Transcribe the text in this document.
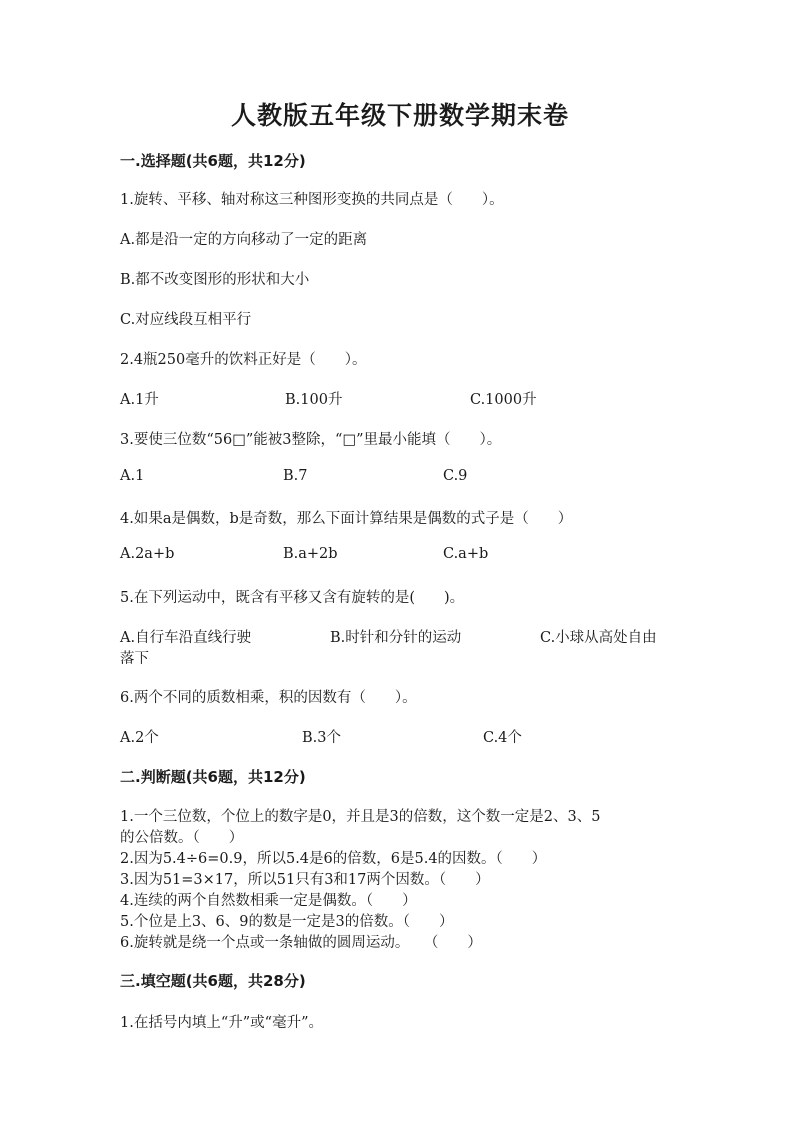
人教版五年级下册数学期末卷
一.选择题(共6题，共12分)
1.旋转、平移、轴对称这三种图形变换的共同点是（　　）。
A.都是沿一定的方向移动了一定的距离
B.都不改变图形的形状和大小
C.对应线段互相平行
2.4瓶250毫升的饮料正好是（　　）。
A.1升	B.100升	C.1000升
3.要使三位数“56□”能被3整除，“□”里最小能填（　　）。
A.1	B.7	C.9
4.如果a是偶数，b是奇数，那么下面计算结果是偶数的式子是（　　）
A.2a+b	B.a+2b	C.a+b
5.在下列运动中，既含有平移又含有旋转的是(　　)。
A.自行车沿直线行驶	B.时针和分针的运动	C.小球从高处自由
落下
6.两个不同的质数相乘，积的因数有（　　）。
A.2个	B.3个	C.4个
二.判断题(共6题，共12分)
1.一个三位数，个位上的数字是0，并且是3的倍数，这个数一定是2、3、5
的公倍数。（　　）
2.因为5.4÷6=0.9，所以5.4是6的倍数，6是5.4的因数。（　　）
3.因为51=3×17，所以51只有3和17两个因数。（　　）
4.连续的两个自然数相乘一定是偶数。（　　）
5.个位是上3、6、9的数是一定是3的倍数。（　　）
6.旋转就是绕一个点或一条轴做的圆周运动。　　（　　）
三.填空题(共6题，共28分)
1.在括号内填上“升”或“毫升”。
